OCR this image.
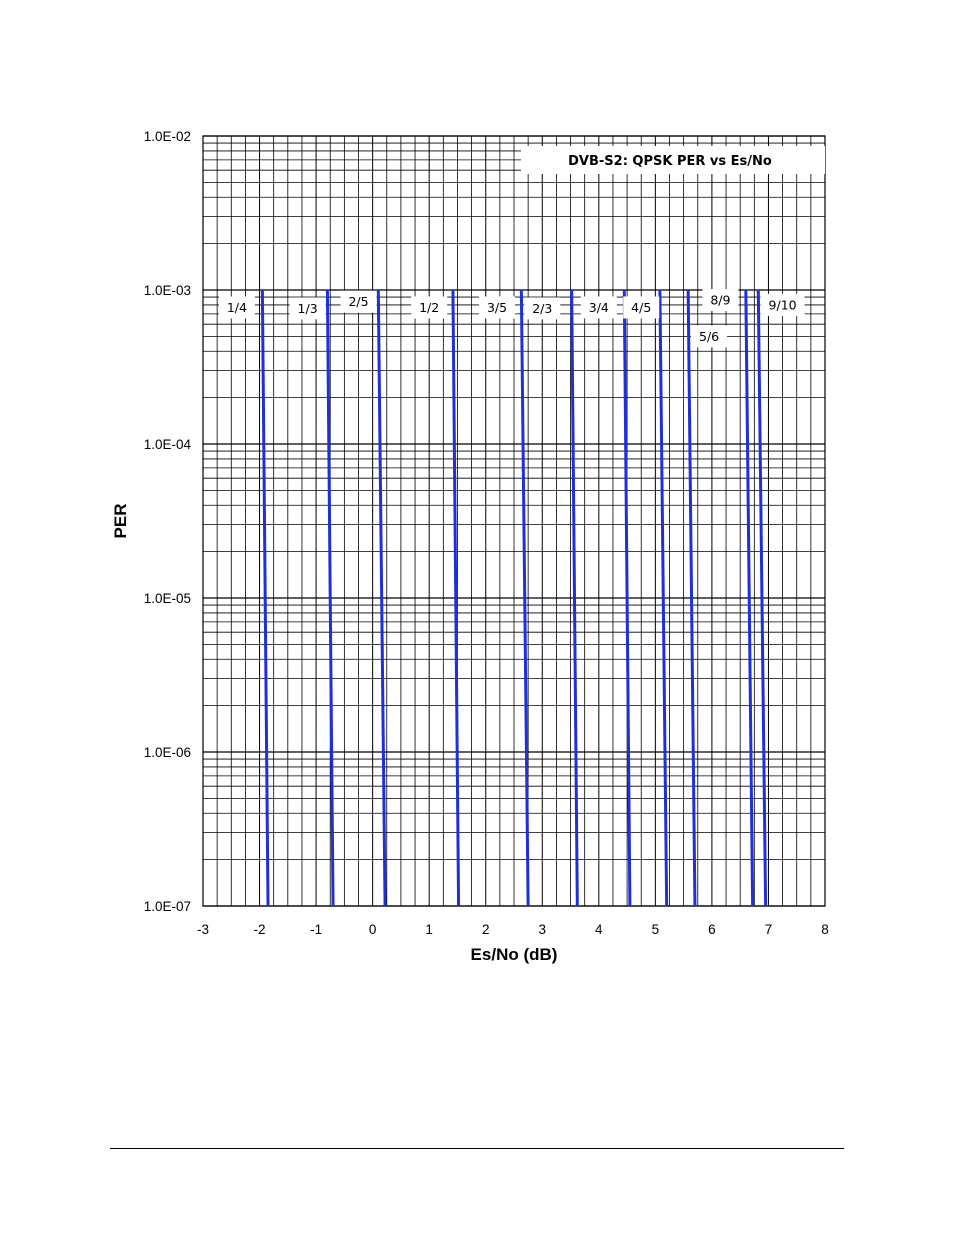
DVB-S2: QPSK PER vs Es/No
1/4	1/3 2/5	1/2	3/5 2/3	3/4 4/5	8/9
5/6
9/10
1.0E-07
1.0E-06
1.0E-05
1.0E-04
1.0E-03
1.0E-02
-3	-2	-1	0	1	2	3	4	5	6	7	8
Es/No (dB)
PER
